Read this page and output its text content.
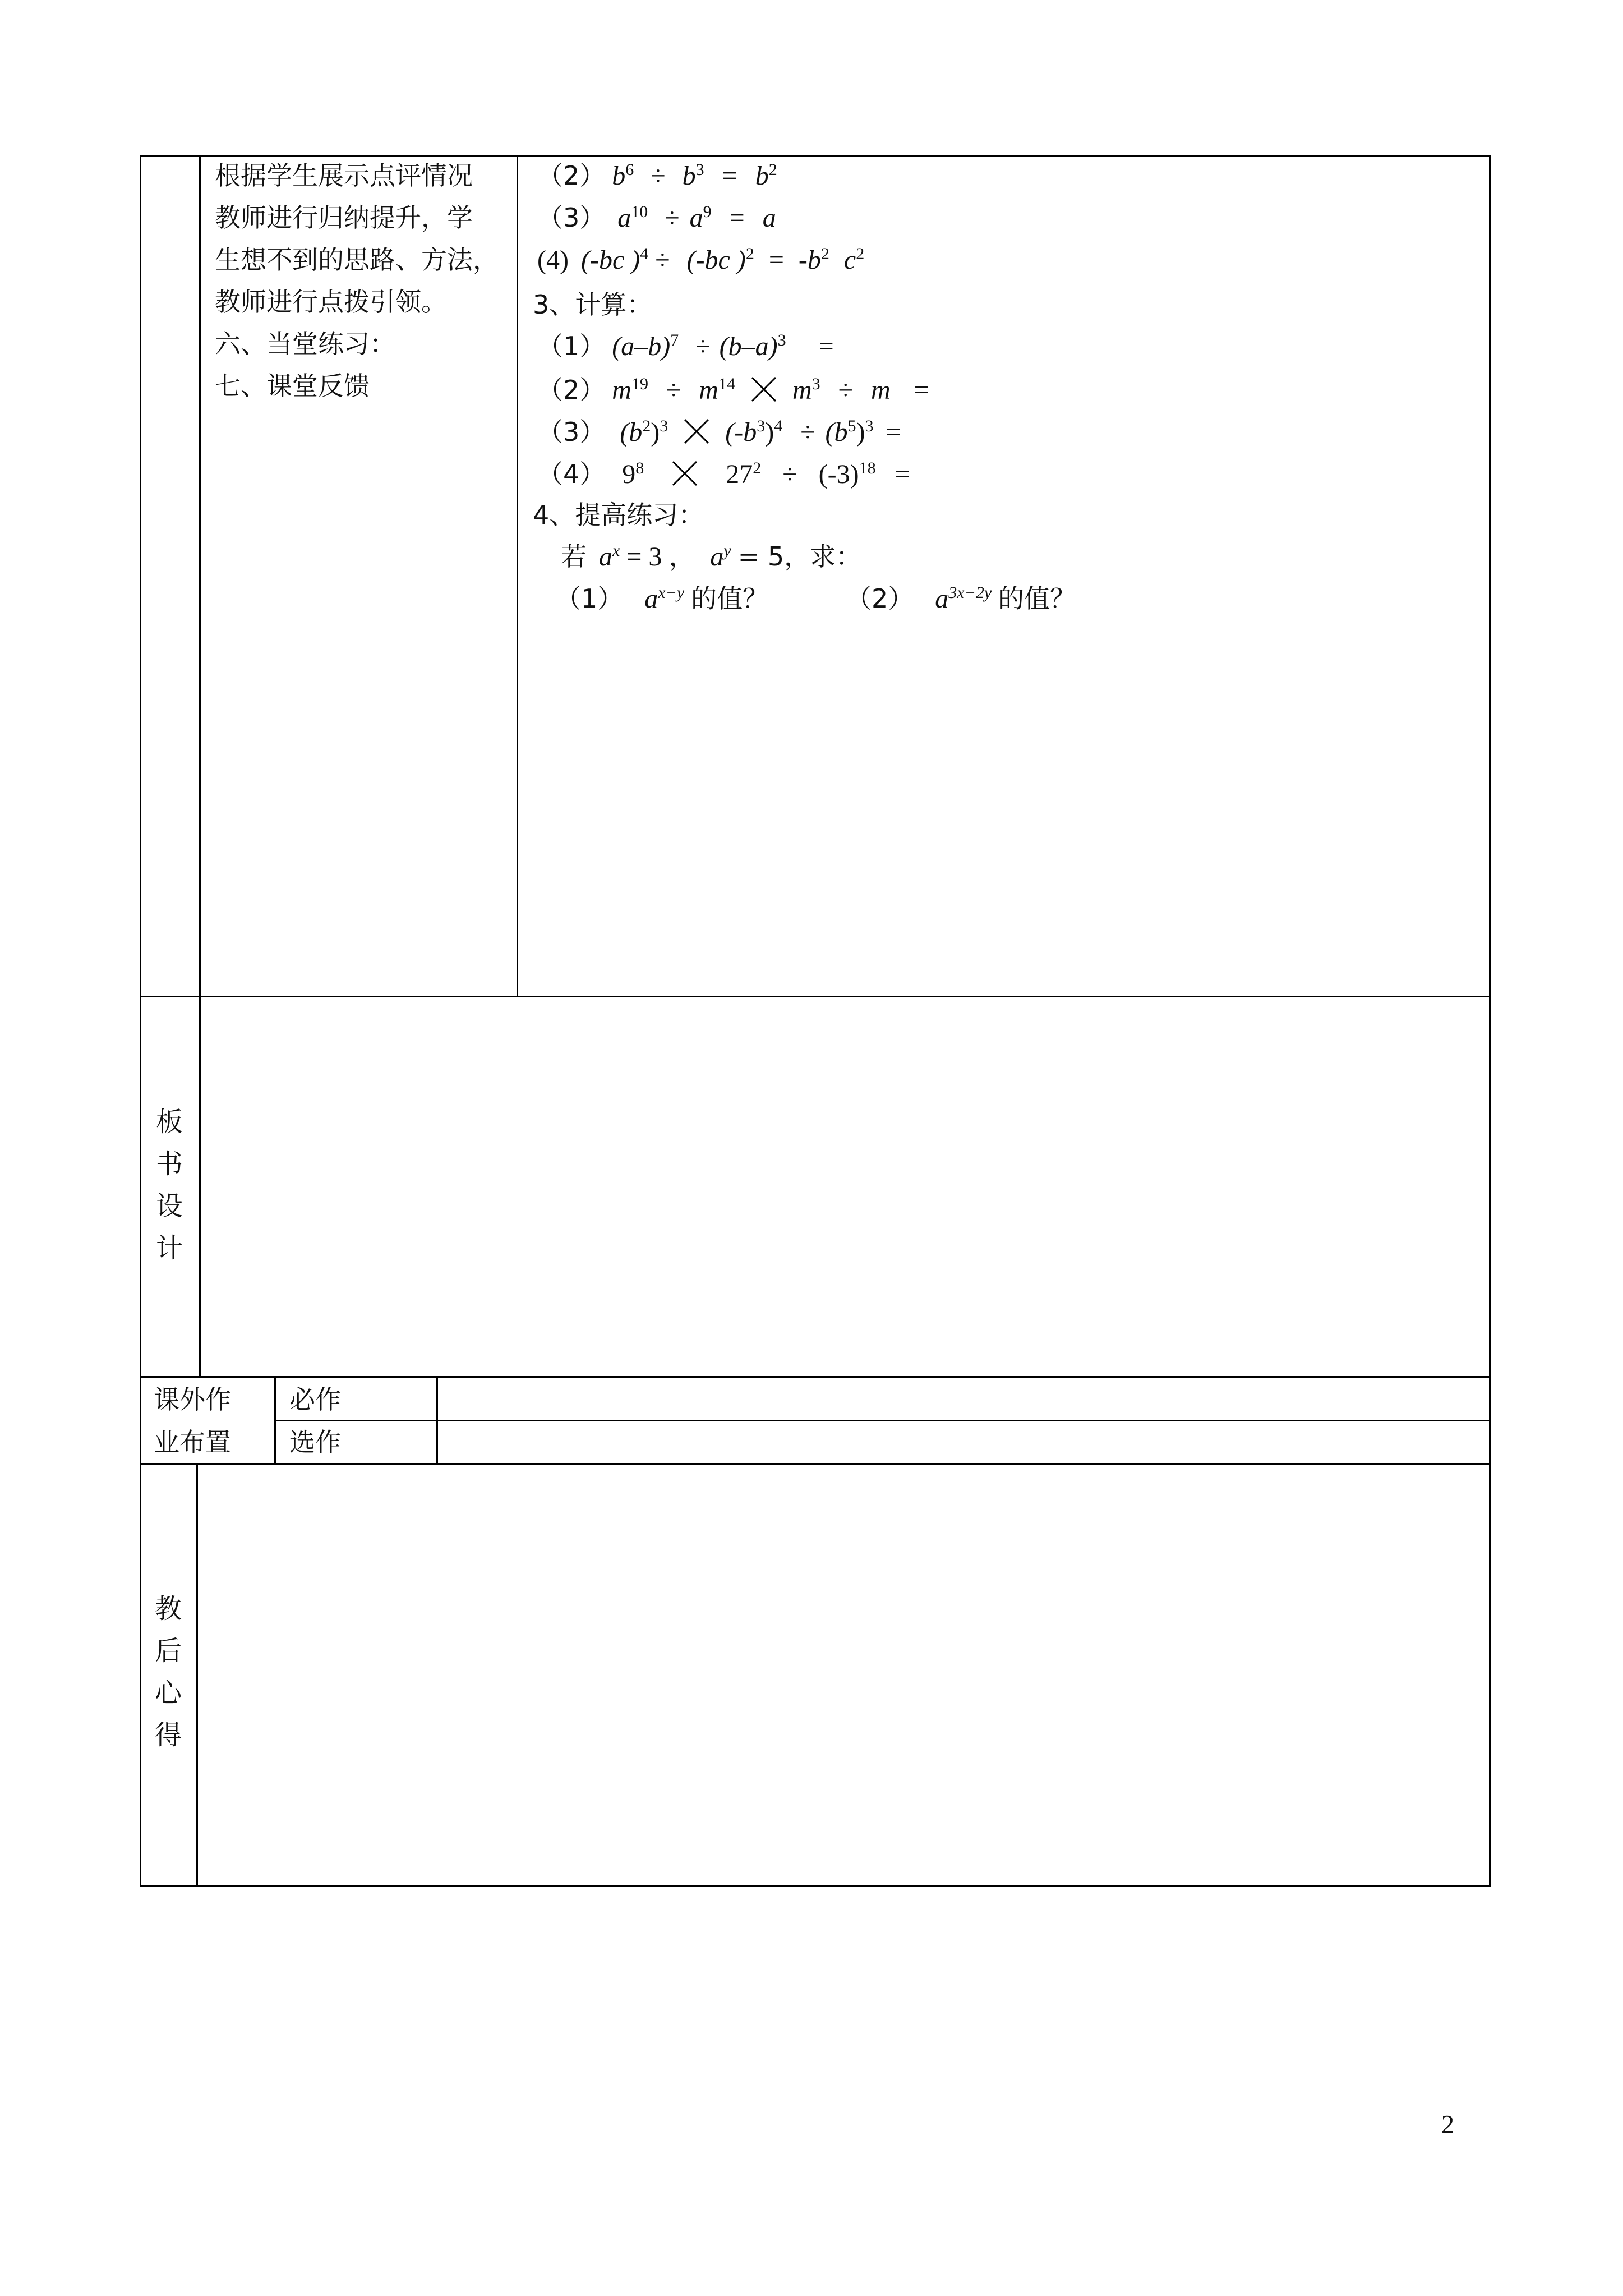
根据学生展示点评情况
教师进行归纳提升，学
生想不到的思路、方法，
教师进行点拨引领。
六、当堂练习：
七、课堂反馈
（2） $b^6 \div b^3 = b^2$
（3） $a^{10} \div a^9 = a$
(4) (-bc )$^4$ ÷ (-bc )$^2 = -b^2$ $c^2$
3、计算：
（1） $(a-b)^7 \div (b-a)^3$ =
（2） $m^{19} \div m^{14}$ $m^3 \div m$ =
（3） $(b^2)^3$ $(-b^3)^4 \div (b^5)^3$ =
（4） $9^8$	$27^2 \div (-3)^{18}$ =
4、提高练习：
若 $a^x = 3$ ， $a^y = 5$，求：
（1） $a^{x-y}$ 的值？	（2） $a^{3x-2y}$ 的值？
板
书
设
计
课外作
业布置
必作
选作
教
后
心
得
2
